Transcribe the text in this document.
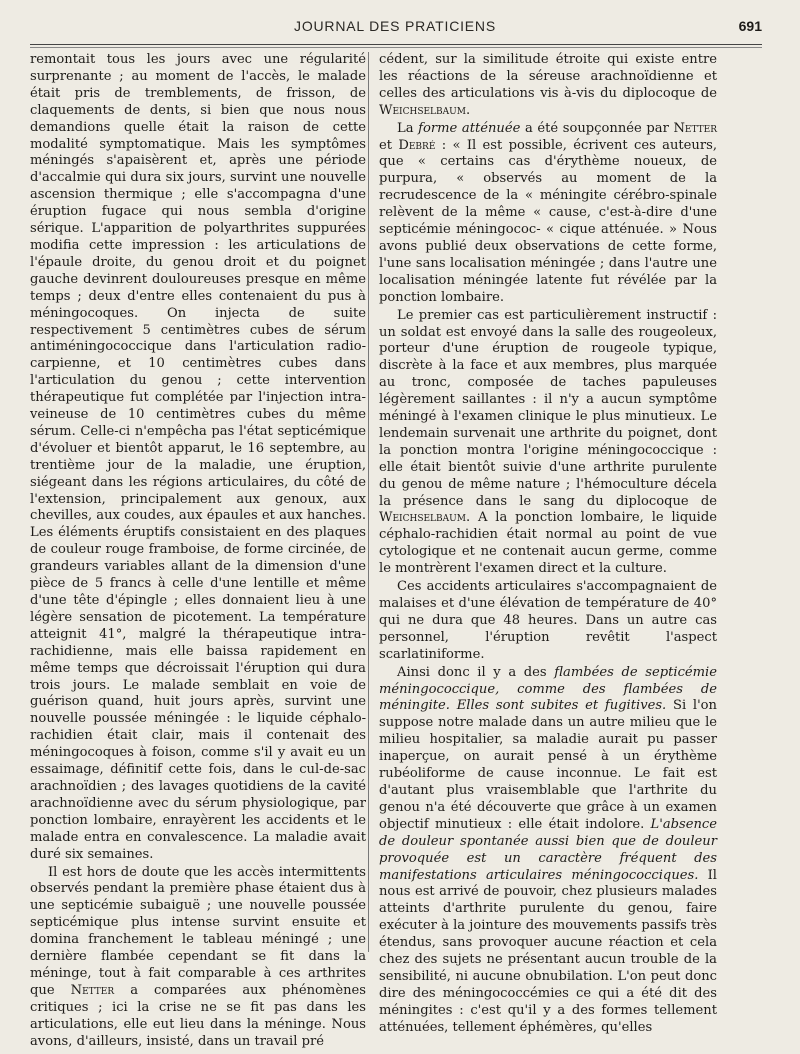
JOURNAL DES PRATICIENS	691

remontait tous les jours avec une régularité surprenante ; au moment de l'accès, le malade était pris de tremblements, de frisson, de claquements de dents, si bien que nous nous demandions quelle était la raison de cette modalité symptomatique. Mais les symptômes méningés s'apaisèrent et, après une période d'accalmie qui dura six jours, survint une nouvelle ascension thermique ; elle s'accompagna d'une éruption fugace qui nous sembla d'origine sérique. L'apparition de polyarthrites suppurées modifia cette impression : les articulations de l'épaule droite, du genou droit et du poignet gauche devinrent douloureuses presque en même temps ; deux d'entre elles contenaient du pus à méningocoques. On injecta de suite respectivement 5 centimètres cubes de sérum antiméningococcique dans l'articulation radio-carpienne, et 10 centimètres cubes dans l'articulation du genou ; cette intervention thérapeutique fut complétée par l'injection intra-veineuse de 10 centimètres cubes du même sérum. Celle-ci n'empêcha pas l'état septicémique d'évoluer et bientôt apparut, le 16 septembre, au trentième jour de la maladie, une éruption, siégeant dans les régions articulaires, du côté de l'extension, principalement aux genoux, aux chevilles, aux coudes, aux épaules et aux hanches. Les éléments éruptifs consistaient en des plaques de couleur rouge framboise, de forme circinée, de grandeurs variables allant de la dimension d'une pièce de 5 francs à celle d'une lentille et même d'une tête d'épingle ; elles donnaient lieu à une légère sensation de picotement. La température atteignit 41°, malgré la thérapeutique intra-rachidienne, mais elle baissa rapidement en même temps que décroissait l'éruption qui dura trois jours. Le malade semblait en voie de guérison quand, huit jours après, survint une nouvelle poussée méningée : le liquide céphalo-rachidien était clair, mais il contenait des méningocoques à foison, comme s'il y avait eu un essaimage, définitif cette fois, dans le cul-de-sac arachnoïdien ; des lavages quotidiens de la cavité arachnoïdienne avec du sérum physiologique, par ponction lombaire, enrayèrent les accidents et le malade entra en convalescence. La maladie avait duré six semaines.

Il est hors de doute que les accès intermittents observés pendant la première phase étaient dus à une septicémie subaiguë ; une nouvelle poussée septicémique plus intense survint ensuite et domina franchement le tableau méningé ; une dernière flambée cependant se fit dans la méninge, tout à fait comparable à ces arthrites que Netter a comparées aux phénomènes critiques ; ici la crise ne se fit pas dans les articulations, elle eut lieu dans la méninge. Nous avons, d'ailleurs, insisté, dans un travail pré

cédent, sur la similitude étroite qui existe entre les réactions de la séreuse arachnoïdienne et celles des articulations vis à-vis du diplocoque de Weichselbaum.

La forme atténuée a été soupçonnée par Netter et Debré : « Il est possible, écrivent ces auteurs, que « certains cas d'érythème noueux, de purpura, « observés au moment de la recrudescence de la « méningite cérébro-spinale relèvent de la même « cause, c'est-à-dire d'une septicémie méningococ- « cique atténuée. » Nous avons publié deux observations de cette forme, l'une sans localisation méningée ; dans l'autre une localisation méningée latente fut révélée par la ponction lombaire.

Le premier cas est particulièrement instructif : un soldat est envoyé dans la salle des rougeoleux, porteur d'une éruption de rougeole typique, discrète à la face et aux membres, plus marquée au tronc, composée de taches papuleuses légèrement saillantes : il n'y a aucun symptôme méningé à l'examen clinique le plus minutieux. Le lendemain survenait une arthrite du poignet, dont la ponction montra l'origine méningococcique : elle était bientôt suivie d'une arthrite purulente du genou de même nature ; l'hémoculture décela la présence dans le sang du diplocoque de Weichselbaum. A la ponction lombaire, le liquide céphalo-rachidien était normal au point de vue cytologique et ne contenait aucun germe, comme le montrèrent l'examen direct et la culture.

Ces accidents articulaires s'accompagnaient de malaises et d'une élévation de température de 40° qui ne dura que 48 heures. Dans un autre cas personnel, l'éruption revêtit l'aspect scarlatiniforme.

Ainsi donc il y a des flambées de septicémie méningococcique, comme des flambées de méningite. Elles sont subites et fugitives. Si l'on suppose notre malade dans un autre milieu que le milieu hospitalier, sa maladie aurait pu passer inaperçue, on aurait pensé à un érythème rubéoliforme de cause inconnue. Le fait est d'autant plus vraisemblable que l'arthrite du genou n'a été découverte que grâce à un examen objectif minutieux : elle était indolore. L'absence de douleur spontanée aussi bien que de douleur provoquée est un caractère fréquent des manifestations articulaires méningococciques. Il nous est arrivé de pouvoir, chez plusieurs malades atteints d'arthrite purulente du genou, faire exécuter à la jointure des mouvements passifs très étendus, sans provoquer aucune réaction et cela chez des sujets ne présentant aucun trouble de la sensibilité, ni aucune obnubilation. L'on peut donc dire des méningococcémies ce qui a été dit des méningites : c'est qu'il y a des formes tellement atténuées, tellement éphémères, qu'elles
